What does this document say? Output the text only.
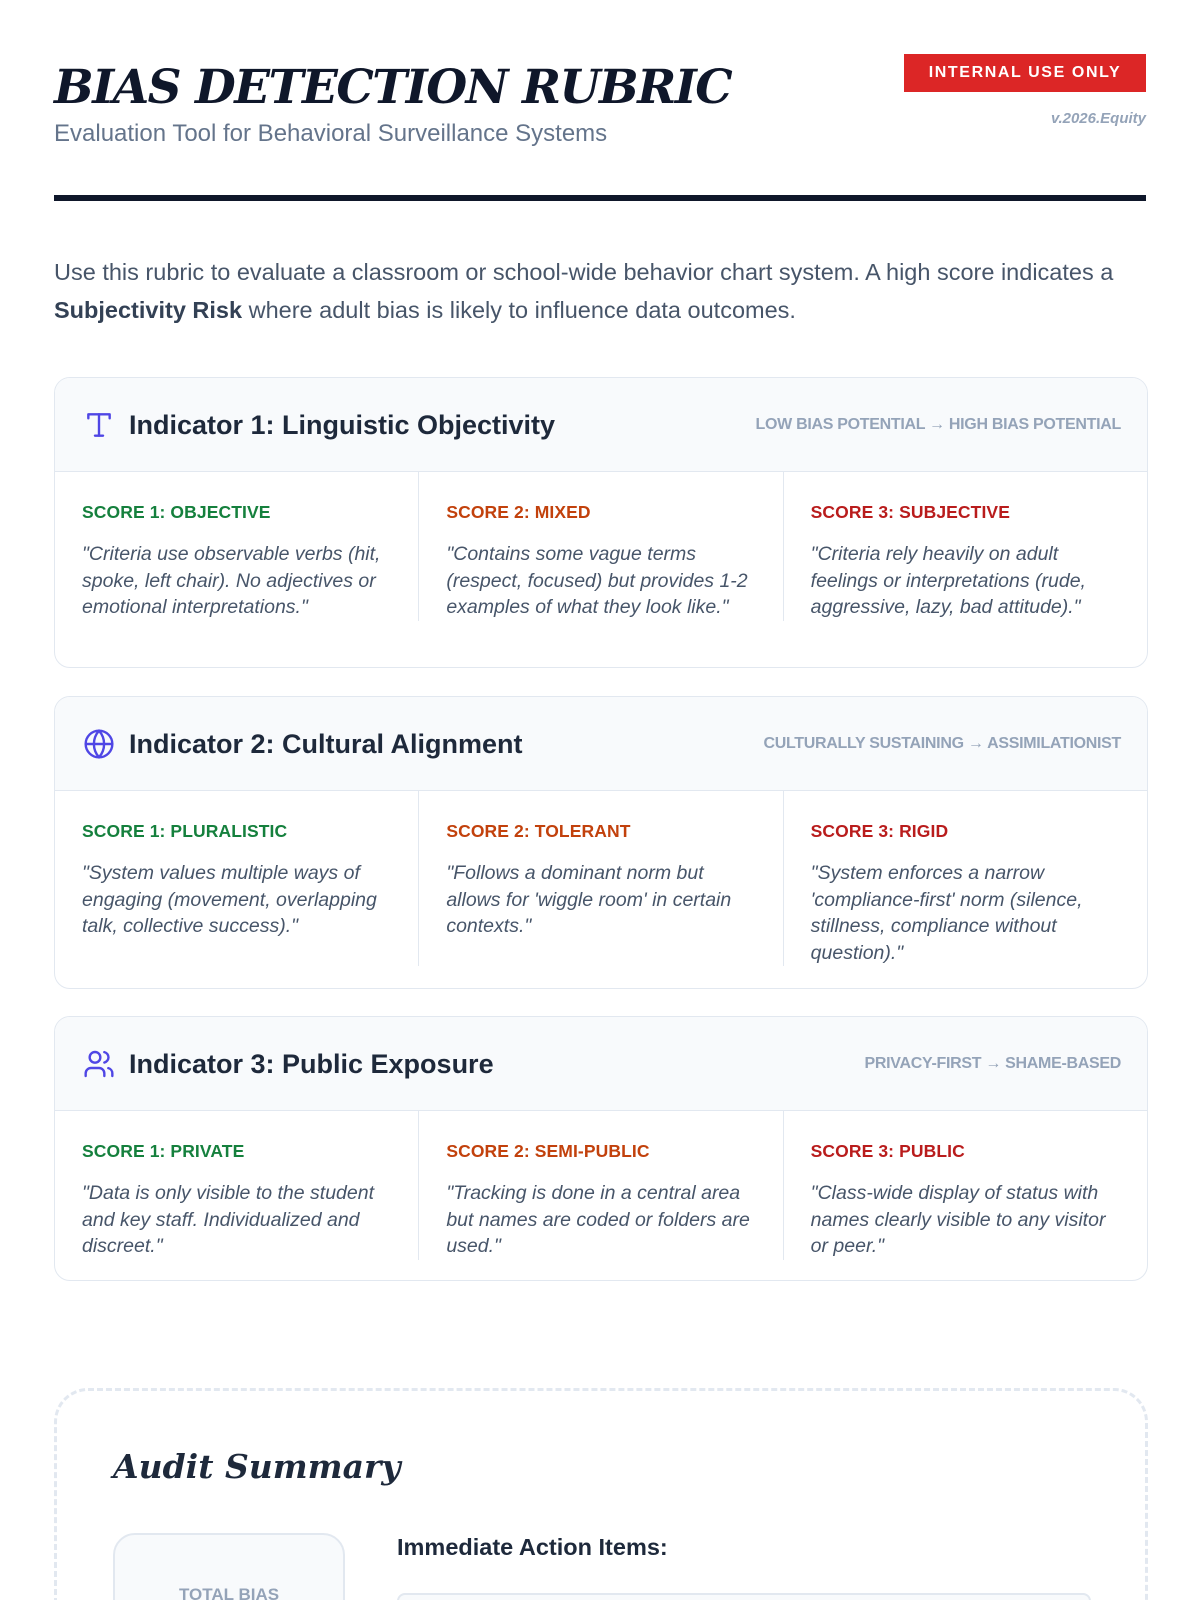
BIAS DETECTION RUBRIC
Evaluation Tool for Behavioral Surveillance Systems
INTERNAL USE ONLY
v.2026.Equity

Use this rubric to evaluate a classroom or school-wide behavior chart system. A high score indicates a Subjectivity Risk where adult bias is likely to influence data outcomes.

Indicator 1: Linguistic Objectivity	LOW BIAS POTENTIAL → HIGH BIAS POTENTIAL
SCORE 1: OBJECTIVE
"Criteria use observable verbs (hit, spoke, left chair). No adjectives or emotional interpretations."
SCORE 2: MIXED
"Contains some vague terms (respect, focused) but provides 1-2 examples of what they look like."
SCORE 3: SUBJECTIVE
"Criteria rely heavily on adult feelings or interpretations (rude, aggressive, lazy, bad attitude)."
Indicator 2: Cultural Alignment	CULTURALLY SUSTAINING → ASSIMILATIONIST
SCORE 1: PLURALISTIC
"System values multiple ways of engaging (movement, overlapping talk, collective success)."
SCORE 2: TOLERANT
"Follows a dominant norm but allows for 'wiggle room' in certain contexts."
SCORE 3: RIGID
"System enforces a narrow 'compliance-first' norm (silence, stillness, compliance without question)."
Indicator 3: Public Exposure	PRIVACY-FIRST → SHAME-BASED
SCORE 1: PRIVATE
"Data is only visible to the student and key staff. Individualized and discreet."
SCORE 2: SEMI-PUBLIC
"Tracking is done in a central area but names are coded or folders are used."
SCORE 3: PUBLIC
"Class-wide display of status with names clearly visible to any visitor or peer."
Audit Summary
TOTAL BIAS
Immediate Action Items:
